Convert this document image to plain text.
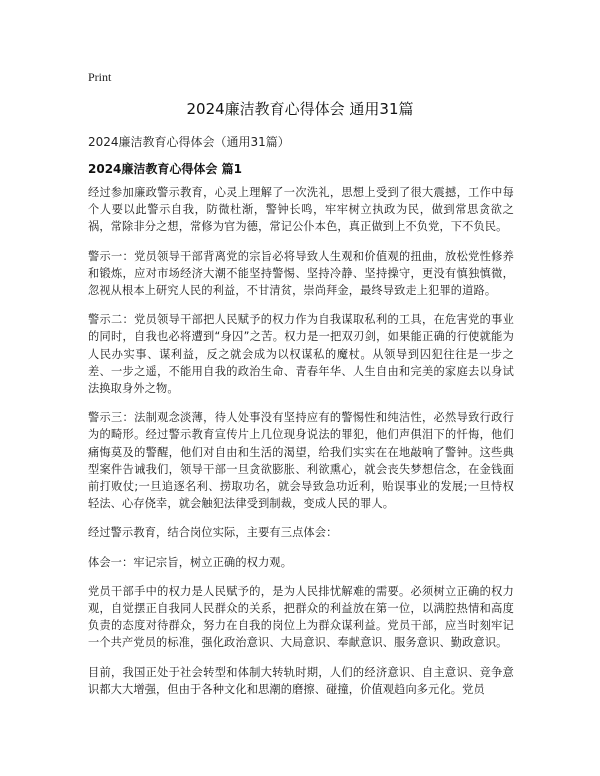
Print
2024廉洁教育心得体会 通用31篇
2024廉洁教育心得体会（通用31篇）
2024廉洁教育心得体会 篇1

经过参加廉政警示教育，心灵上理解了一次洗礼，思想上受到了很大震撼，工作中每个人要以此警示自我，防微杜渐，警钟长鸣，牢牢树立执政为民，做到常思贪欲之祸，常除非分之想，常修为官为德，常记公仆本色，真正做到上不负党，下不负民。

警示一：党员领导干部背离党的宗旨必将导致人生观和价值观的扭曲，放松党性修养和锻炼，应对市场经济大潮不能坚持警惕、坚持冷静、坚持操守，更没有慎独慎微，忽视从根本上研究人民的利益，不甘清贫，崇尚拜金，最终导致走上犯罪的道路。

警示二：党员领导干部把人民赋予的权力作为自我谋取私利的工具，在危害党的事业的同时，自我也必将遭到“身囚”之苦。权力是一把双刃剑，如果能正确的行使就能为人民办实事、谋利益，反之就会成为以权谋私的魔杖。从领导到囚犯往往是一步之差、一步之遥，不能用自我的政治生命、青春年华、人生自由和完美的家庭去以身试法换取身外之物。

警示三：法制观念淡薄，待人处事没有坚持应有的警惕性和纯洁性，必然导致行政行为的畸形。经过警示教育宣传片上几位现身说法的罪犯，他们声俱泪下的忏悔，他们痛悔莫及的警醒，他们对自由和生活的渴望，给我们实实在在地敲响了警钟。这些典型案件告诫我们，领导干部一旦贪欲膨胀、利欲熏心，就会丧失梦想信念，在金钱面前打败仗;一旦追逐名利、捞取功名，就会导致急功近利，贻误事业的发展;一旦恃权轻法、心存侥幸，就会触犯法律受到制裁，变成人民的罪人。

经过警示教育，结合岗位实际，主要有三点体会：

体会一：牢记宗旨，树立正确的权力观。

党员干部手中的权力是人民赋予的，是为人民排忧解难的需要。必须树立正确的权力观，自觉摆正自我同人民群众的关系，把群众的利益放在第一位，以满腔热情和高度负责的态度对待群众，努力在自我的岗位上为群众谋利益。党员干部，应当时刻牢记一个共产党员的标准，强化政治意识、大局意识、奉献意识、服务意识、勤政意识。

目前，我国正处于社会转型和体制大转轨时期，人们的经济意识、自主意识、竞争意识都大大增强，但由于各种文化和思潮的磨擦、碰撞，价值观趋向多元化。党员
